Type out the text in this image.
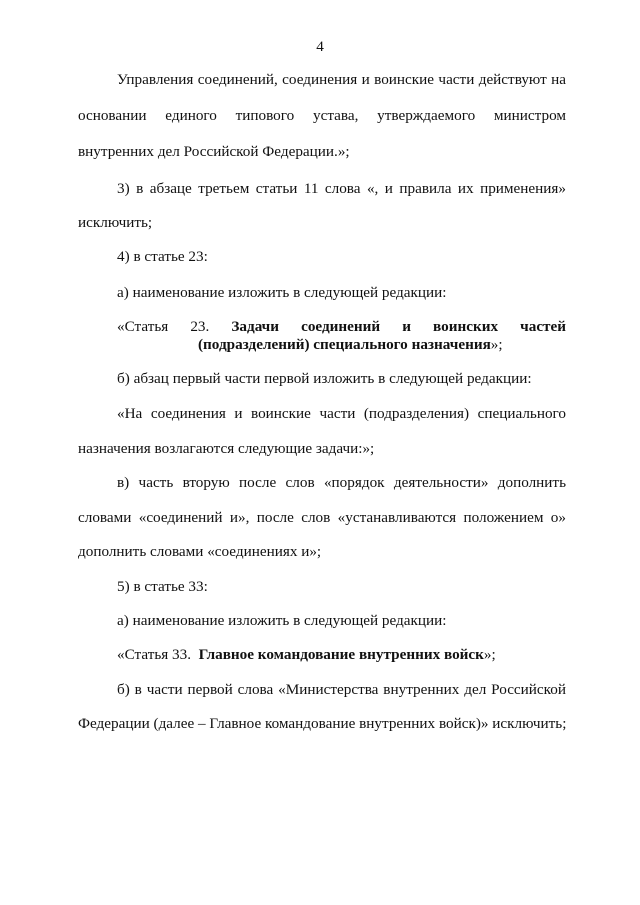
4
Управления соединений, соединения и воинские части действуют на
основании единого типового устава, утверждаемого министром
внутренних дел Российской Федерации.»;
3) в абзаце третьем статьи 11 слова «, и правила их применения»
исключить;
4) в статье 23:
а) наименование изложить в следующей редакции:
«Статья 23. Задачи соединений и воинских частей
(подразделений) специального назначения»;
б) абзац первый части первой изложить в следующей редакции:
«На соединения и воинские части (подразделения) специального
назначения возлагаются следующие задачи:»;
в) часть вторую после слов «порядок деятельности» дополнить
словами «соединений и», после слов «устанавливаются положением о»
дополнить словами «соединениях и»;
5) в статье 33:
а) наименование изложить в следующей редакции:
«Статья 33. Главное командование внутренних войск»;
б) в части первой слова «Министерства внутренних дел Российской
Федерации (далее – Главное командование внутренних войск)» исключить;
